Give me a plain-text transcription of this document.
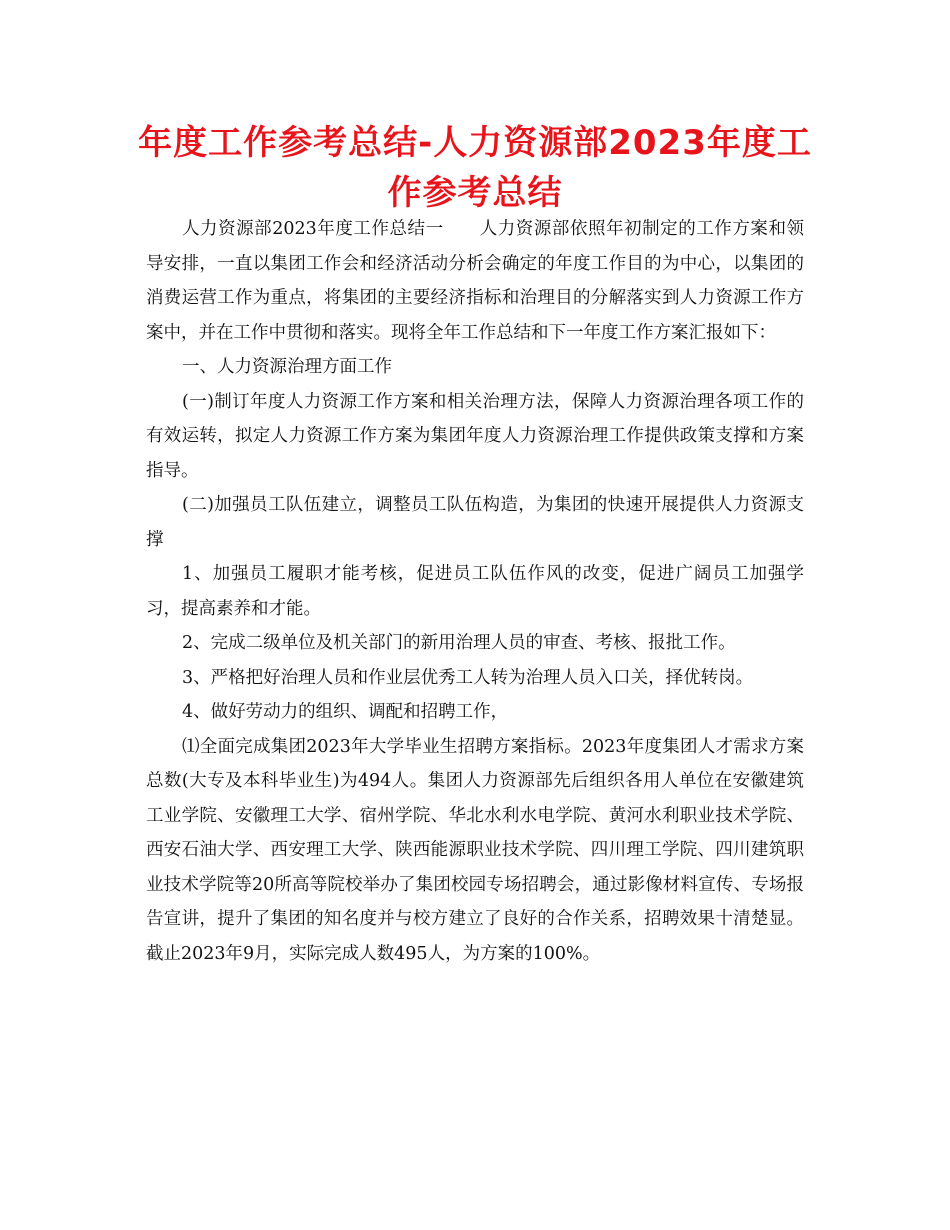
年度工作参考总结-人力资源部2023年度工作参考总结

人力资源部2023年度工作总结一　　人力资源部依照年初制定的工作方案和领导安排，一直以集团工作会和经济活动分析会确定的年度工作目的为中心，以集团的消费运营工作为重点，将集团的主要经济指标和治理目的分解落实到人力资源工作方案中，并在工作中贯彻和落实。现将全年工作总结和下一年度工作方案汇报如下：

一、人力资源治理方面工作

(一)制订年度人力资源工作方案和相关治理方法，保障人力资源治理各项工作的有效运转，拟定人力资源工作方案为集团年度人力资源治理工作提供政策支撑和方案指导。

(二)加强员工队伍建立，调整员工队伍构造，为集团的快速开展提供人力资源支撑

1、加强员工履职才能考核，促进员工队伍作风的改变，促进广阔员工加强学习，提高素养和才能。

2、完成二级单位及机关部门的新用治理人员的审查、考核、报批工作。

3、严格把好治理人员和作业层优秀工人转为治理人员入口关，择优转岗。

4、做好劳动力的组织、调配和招聘工作，

⑴全面完成集团2023年大学毕业生招聘方案指标。2023年度集团人才需求方案总数(大专及本科毕业生)为494人。集团人力资源部先后组织各用人单位在安徽建筑工业学院、安徽理工大学、宿州学院、华北水利水电学院、黄河水利职业技术学院、西安石油大学、西安理工大学、陕西能源职业技术学院、四川理工学院、四川建筑职业技术学院等20所高等院校举办了集团校园专场招聘会，通过影像材料宣传、专场报告宣讲，提升了集团的知名度并与校方建立了良好的合作关系，招聘效果十清楚显。截止2023年9月，实际完成人数495人，为方案的100%。
